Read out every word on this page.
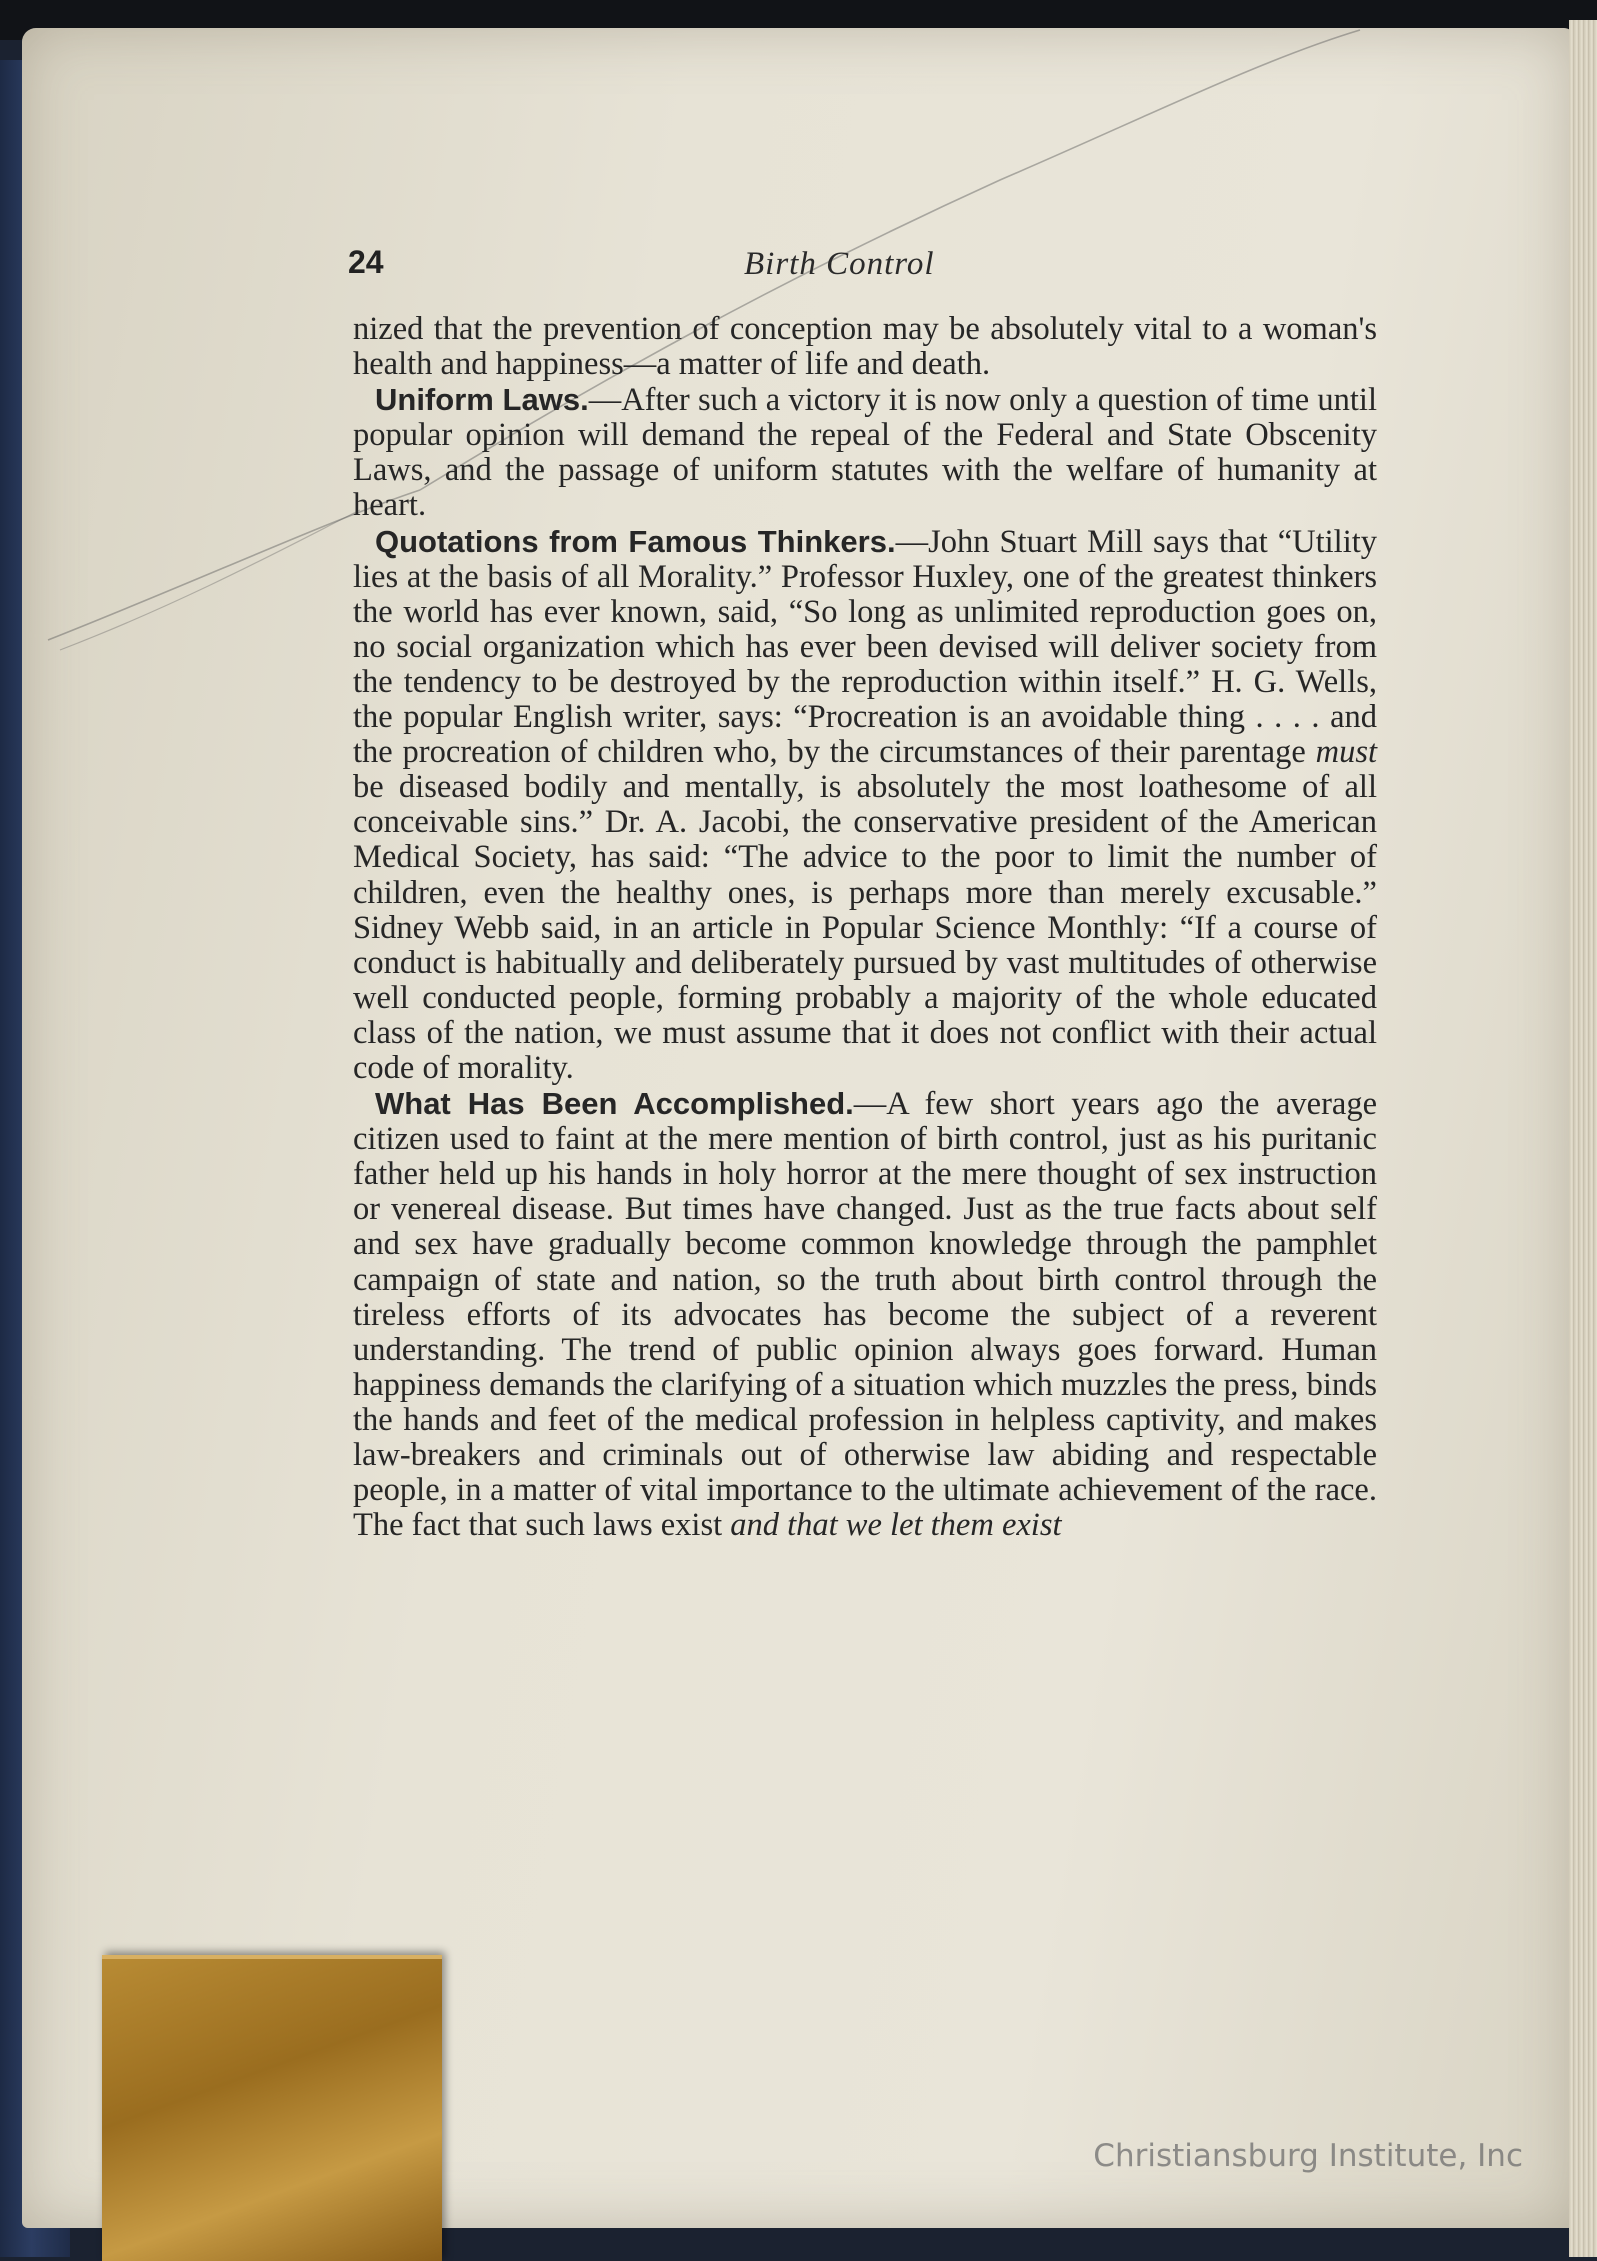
24	Birth Control

nized that the prevention of conception may be absolutely vital to a woman's health and happiness—a matter of life and death.

Uniform Laws.—After such a victory it is now only a question of time until popular opinion will demand the repeal of the Federal and State Obscenity Laws, and the passage of uniform statutes with the welfare of humanity at heart.

Quotations from Famous Thinkers.—John Stuart Mill says that “Utility lies at the basis of all Morality.” Professor Huxley, one of the greatest thinkers the world has ever known, said, “So long as unlimited reproduction goes on, no social organization which has ever been devised will deliver society from the tendency to be destroyed by the reproduction within itself.” H. G. Wells, the popular English writer, says: “Procreation is an avoidable thing . . . . and the procreation of children who, by the circumstances of their parentage must be diseased bodily and mentally, is absolutely the most loathesome of all conceivable sins.” Dr. A. Jacobi, the conservative president of the American Medical Society, has said: “The advice to the poor to limit the number of children, even the healthy ones, is perhaps more than merely excusable.” Sidney Webb said, in an article in Popular Science Monthly: “If a course of conduct is habitually and deliberately pursued by vast multitudes of otherwise well conducted people, forming probably a majority of the whole educated class of the nation, we must assume that it does not conflict with their actual code of morality.

What Has Been Accomplished.—A few short years ago the average citizen used to faint at the mere mention of birth control, just as his puritanic father held up his hands in holy horror at the mere thought of sex instruction or venereal disease. But times have changed. Just as the true facts about self and sex have gradually become common knowledge through the pamphlet campaign of state and nation, so the truth about birth control through the tireless efforts of its advocates has become the subject of a reverent understanding. The trend of public opinion always goes forward. Human happiness demands the clarifying of a situation which muzzles the press, binds the hands and feet of the medical profession in helpless captivity, and makes law-breakers and criminals out of otherwise law abiding and respectable people, in a matter of vital importance to the ultimate achievement of the race. The fact that such laws exist and that we let them exist

Christiansburg Institute, Inc
